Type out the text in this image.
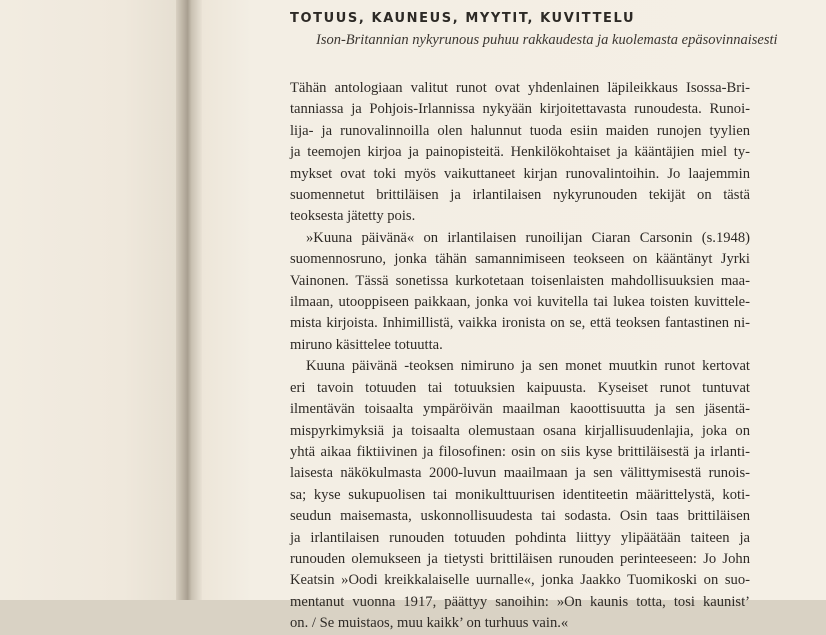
TOTUUS, KAUNEUS, MYYTIT, KUVITTELU

Ison-Britannian nykyrunous puhuu rakkaudesta ja kuolemasta epäsovinnaisesti

Tähän antologiaan valitut runot ovat yhdenlainen läpileikkaus Isossa-Bri-
tanniassa ja Pohjois-Irlannissa nykyään kirjoitettavasta runoudesta. Runoi-
lija- ja runovalinnoilla olen halunnut tuoda esiin maiden runojen tyylien
ja teemojen kirjoa ja painopisteitä. Henkilökohtaiset ja kääntäjien miel ty-
mykset ovat toki myös vaikuttaneet kirjan runovalintoihin. Jo laajemmin
suomennetut brittiläisen ja irlantilaisen nykyrunouden tekijät on tästä
teoksesta jätetty pois.

»Kuuna päivänä« on irlantilaisen runoilijan Ciaran Carsonin (s.1948)
suomennosruno, jonka tähän samannimiseen teokseen on kääntänyt Jyrki
Vainonen. Tässä sonetissa kurkotetaan toisenlaisten mahdollisuuksien maa-
ilmaan, utooppiseen paikkaan, jonka voi kuvitella tai lukea toisten kuvittele-
mista kirjoista. Inhimillistä, vaikka ironista on se, että teoksen fantastinen ni-
miruno käsittelee totuutta.

Kuuna päivänä -teoksen nimiruno ja sen monet muutkin runot kertovat
eri tavoin totuuden tai totuuksien kaipuusta. Kyseiset runot tuntuvat
ilmentävän toisaalta ympäröivän maailman kaoottisuutta ja sen jäsentä-
mispyrkimyksiä ja toisaalta olemustaan osana kirjallisuudenlajia, joka on
yhtä aikaa fiktiivinen ja filosofinen: osin on siis kyse brittiläisestä ja irlanti-
laisesta näkökulmasta 2000-luvun maailmaan ja sen välittymisestä runois-
sa; kyse sukupuolisen tai monikulttuurisen identiteetin määrittelystä, koti-
seudun maisemasta, uskonnollisuudesta tai sodasta. Osin taas brittiläisen
ja irlantilaisen runouden totuuden pohdinta liittyy ylipäätään taiteen ja
runouden olemukseen ja tietysti brittiläisen runouden perinteeseen: Jo John
Keatsin »Oodi kreikkalaiselle uurnalle«, jonka Jaakko Tuomikoski on suo-
mentanut vuonna 1917, päättyy sanoihin: »On kaunis totta, tosi kaunist’
on. / Se muistaos, muu kaikk’ on turhuus vain.«
